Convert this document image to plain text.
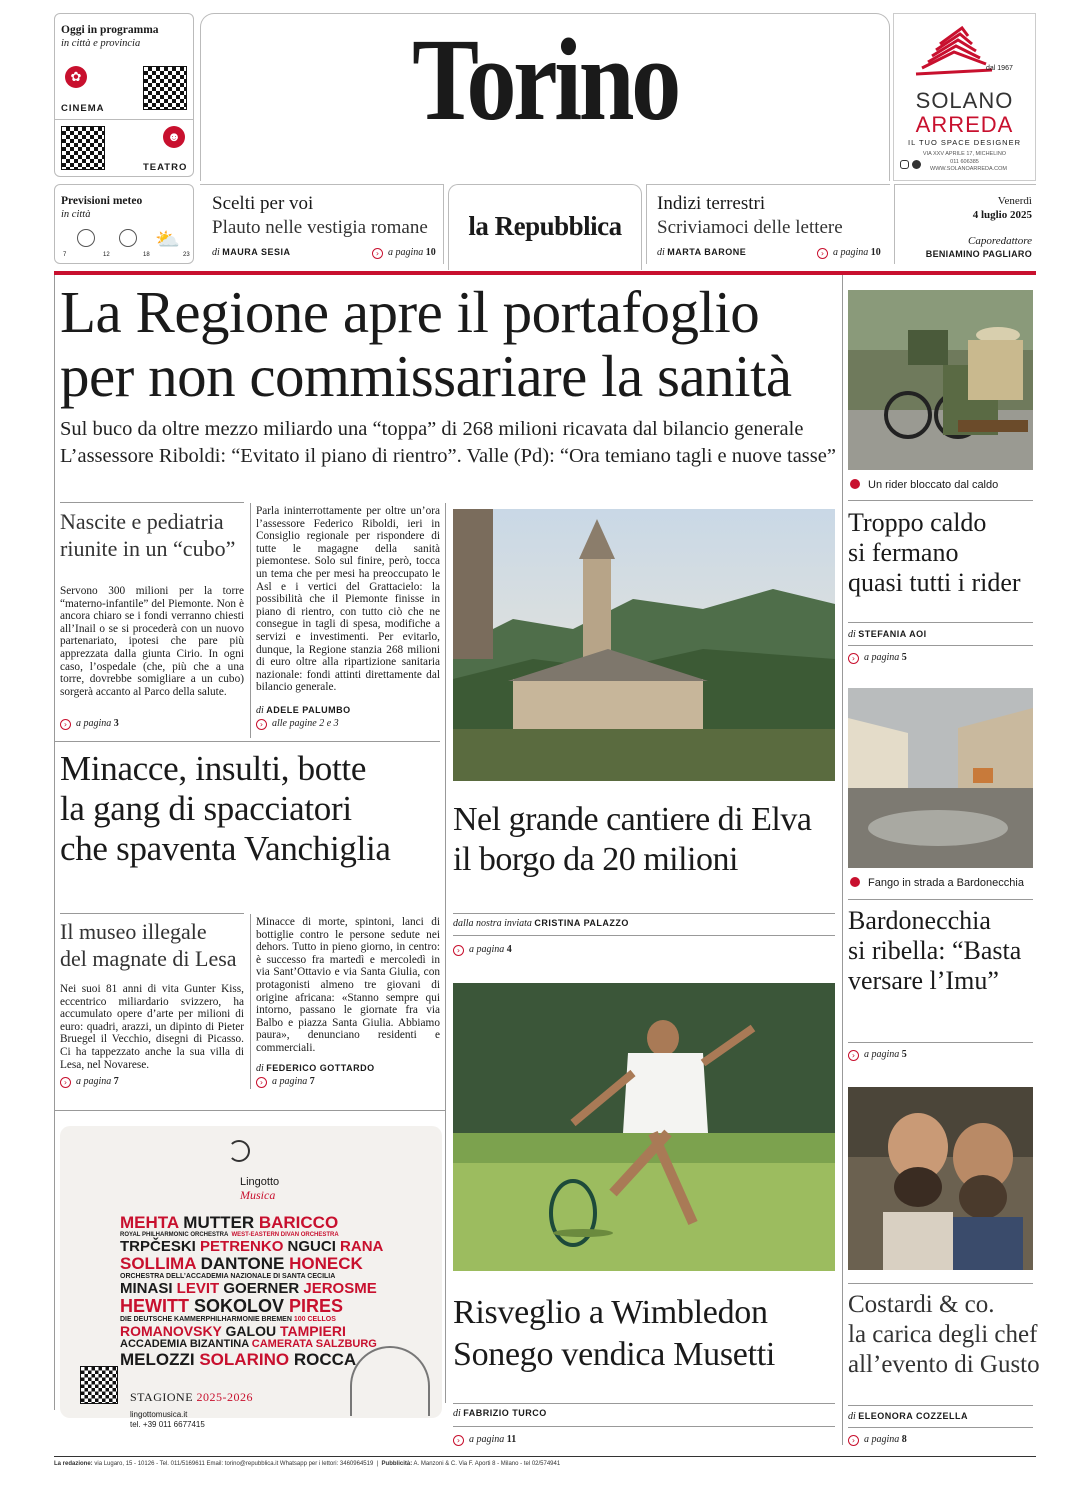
Oggi in programma
in città e provincia
✿
CINEMA
☻
TEATRO
Torino	dal 1967
SOLANO
ARREDA
IL TUO SPACE DESIGNER
VIA XXV APRILE 17, MICHELINO
011 606385
WWW.SOLANOARREDA.COM
Previsioni meteo
in città
⛅
7	12	18	23
Scelti per voi
Plauto nelle vestigia romane
di MAURA SESIA	› a pagina 10
la Repubblica
Indizi terrestri
Scriviamoci delle lettere
di MARTA BARONE	› a pagina 10
Venerdì
4 luglio 2025
Caporedattore
BENIAMINO PAGLIARO
La Regione apre il portafoglio
per non commissariare la sanità
Sul buco da oltre mezzo miliardo una “toppa” di 268 milioni ricavata dal bilancio generale
L’assessore Riboldi: “Evitato il piano di rientro”. Valle (Pd): “Ora temiano tagli e nuove tasse”
Nascite e pediatria
riunite in un “cubo”
Servono 300 milioni per la torre “materno-infantile” del Piemonte. Non è ancora chiaro se i fondi verranno chiesti all’Inail o se si procederà con un nuovo partenariato, ipotesi che pare più apprezzata dalla giunta Cirio. In ogni caso, l’ospedale (che, più che a una torre, dovrebbe somigliare a un cubo) sorgerà accanto al Parco della salute.
› a pagina 3
Parla ininterrottamente per oltre un’ora l’assessore Federico Riboldi, ieri in Consiglio regionale per rispondere di tutte le magagne della sanità piemontese. Solo sul finire, però, tocca un tema che per mesi ha preoccupato le Asl e i vertici del Grattacielo: la possibilità che il Piemonte finisse in piano di rientro, con tutto ciò che ne consegue in tagli di spesa, modifiche a servizi e investimenti. Per evitarlo, dunque, la Regione stanzia 268 milioni di euro oltre alla ripartizione sanitaria nazionale: fondi attinti direttamente dal bilancio generale.
di ADELE PALUMBO
› alle pagine 2 e 3
Un rider bloccato dal caldo
Troppo caldo
si fermano
quasi tutti i rider
di STEFANIA AOI
› a pagina 5
Nel grande cantiere di Elva
il borgo da 20 milioni
dalla nostra inviata CRISTINA PALAZZO
› a pagina 4
Minacce, insulti, botte
la gang di spacciatori
che spaventa Vanchiglia
Il museo illegale
del magnate di Lesa
Nei suoi 81 anni di vita Gunter Kiss, eccentrico miliardario svizzero, ha accumulato opere d’arte per milioni di euro: quadri, arazzi, un dipinto di Pieter Bruegel il Vecchio, disegni di Picasso. Ci ha tappezzato anche la sua villa di Lesa, nel Novarese.
› a pagina 7
Minacce di morte, spintoni, lanci di bottiglie contro le persone sedute nei dehors. Tutto in pieno giorno, in centro: è successo fra martedì e mercoledì in via Sant’Ottavio e via Santa Giulia, con protagonisti almeno tre giovani di origine africana: «Stanno sempre qui intorno, passano le giornate fra via Balbo e piazza Santa Giulia. Abbiamo paura», denunciano residenti e commerciali.
di FEDERICO GOTTARDO
› a pagina 7
Fango in strada a Bardonecchia
Bardonecchia
si ribella: “Basta
versare l’Imu”
› a pagina 5
Risveglio a Wimbledon
Sonego vendica Musetti
di FABRIZIO TURCO
› a pagina 11
Costardi & co.
la carica degli chef
all’evento di Gusto
di ELEONORA COZZELLA
› a pagina 8
Lingotto
Musica
MEHTA MUTTER BARICCO
ROYAL PHILHARMONIC ORCHESTRA WEST-EASTERN DIVAN ORCHESTRA
TRPČESKI PETRENKO NGUCI RANA
SOLLIMA DANTONE HONECK
ORCHESTRA DELL’ACCADEMIA NAZIONALE DI SANTA CECILIA
MINASI LEVIT GOERNER JEROSME
HEWITT SOKOLOV PIRES
DIE DEUTSCHE KAMMERPHILHARMONIE BREMEN 100 CELLOS
ROMANOVSKY GALOU TAMPIERI
ACCADEMIA BIZANTINA CAMERATA SALZBURG
MELOZZI SOLARINO ROCCA
STAGIONE 2025-2026
lingottomusica.it
tel. +39 011 6677415
La redazione: via Lugaro, 15 - 10126 - Tel. 011/5169611 Email: torino@repubblica.it Whatsapp per i lettori: 3460964519  |  Pubblicità: A. Manzoni & C. Via F. Aporti 8 - Milano - tel 02/574941
